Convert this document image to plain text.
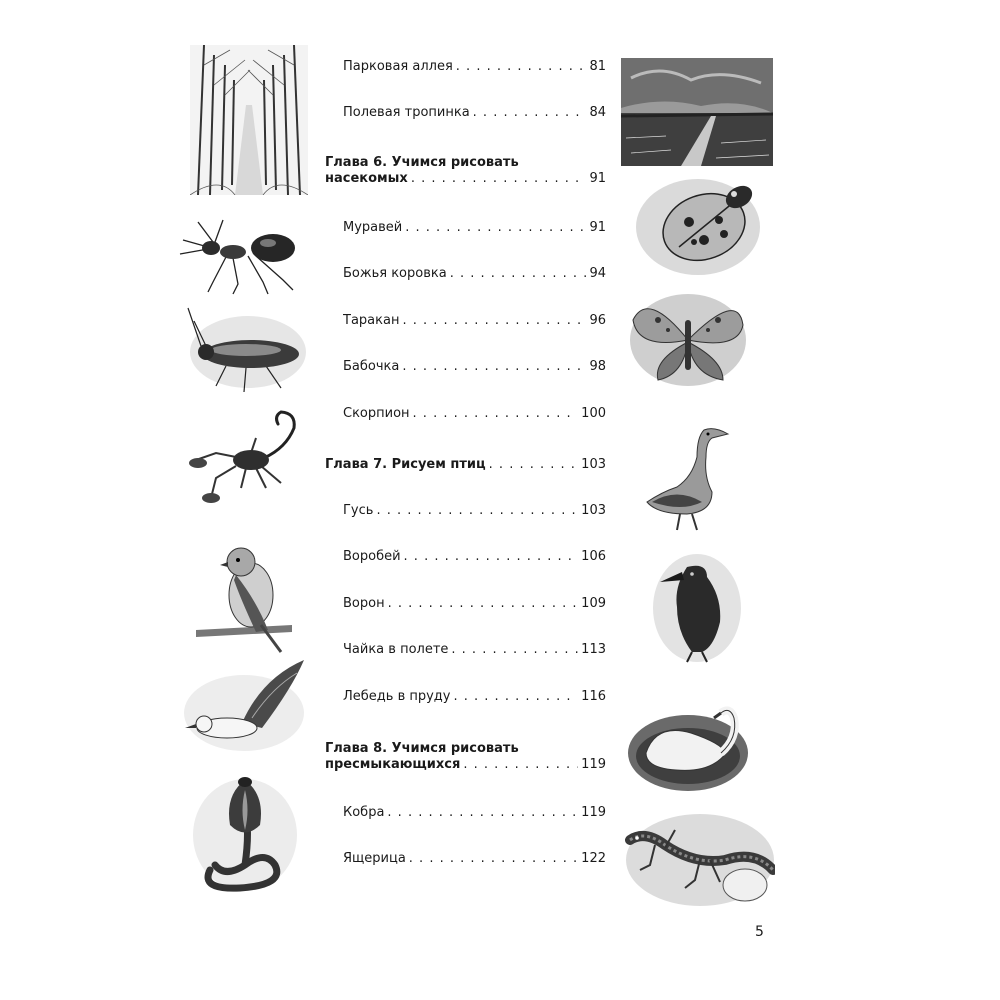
Парковая аллея . . .	81
Полевая тропинка . . .	84
Глава 6. Учимся рисовать
насекомых . . .	91
Муравей . . .	91
Божья коровка . . .	94
Таракан . . .	96
Бабочка . . .	98
Скорпион . . .	100
Глава 7. Рисуем птиц . . .	103
Гусь . . .	103
Воробей . . .	106
Ворон . . .	109
Чайка в полете . . .	113
Лебедь в пруду . . .	116
Глава 8. Учимся рисовать
пресмыкающихся . . .	119
Кобра . . .	119
Ящерица . . .	122
5
